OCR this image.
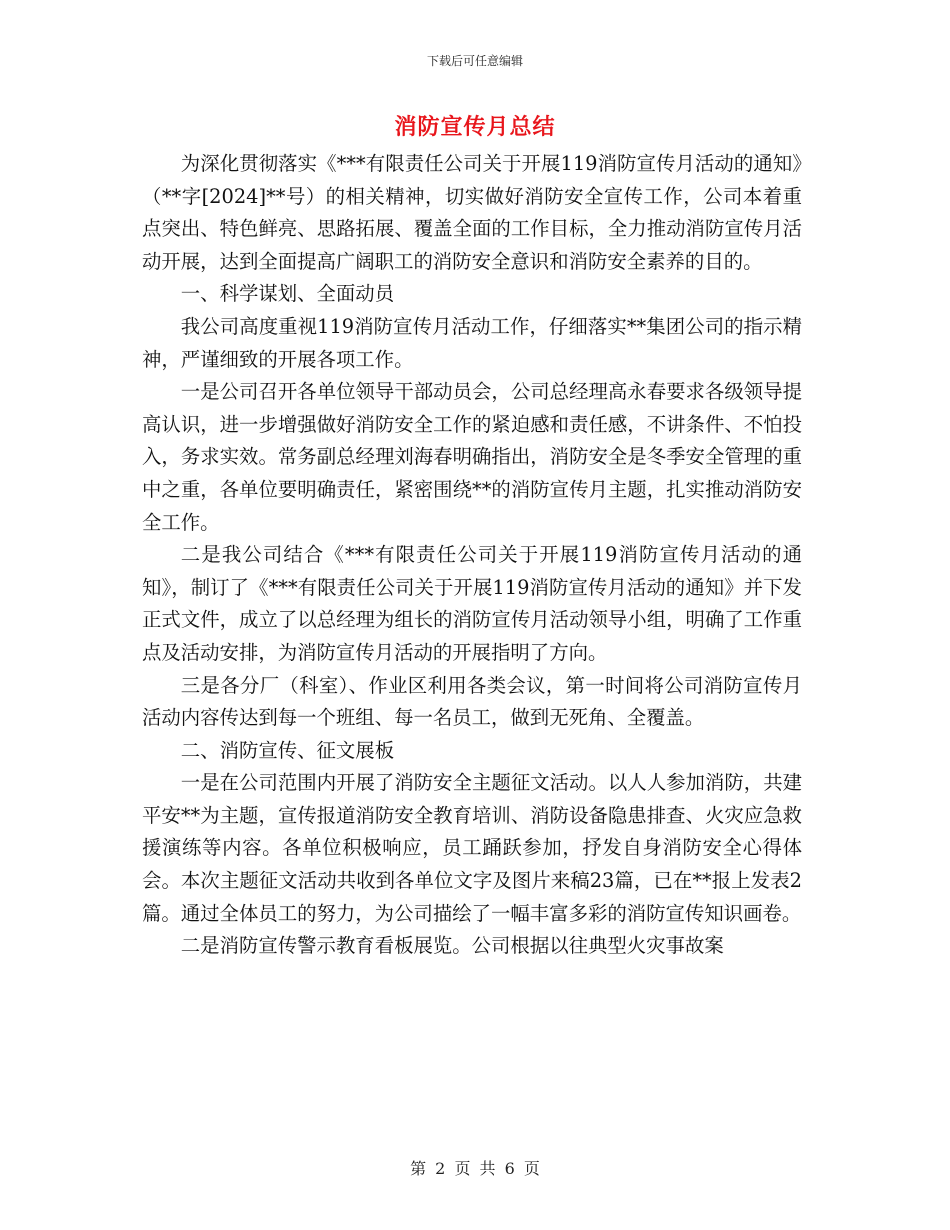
下载后可任意编辑
消防宣传月总结

为深化贯彻落实《***有限责任公司关于开展119消防宣传月活动的通知》（**字[2024]**号）的相关精神，切实做好消防安全宣传工作，公司本着重点突出、特色鲜亮、思路拓展、覆盖全面的工作目标，全力推动消防宣传月活动开展，达到全面提高广阔职工的消防安全意识和消防安全素养的目的。

一、科学谋划、全面动员

我公司高度重视119消防宣传月活动工作，仔细落实**集团公司的指示精神，严谨细致的开展各项工作。

一是公司召开各单位领导干部动员会，公司总经理高永春要求各级领导提高认识，进一步增强做好消防安全工作的紧迫感和责任感，不讲条件、不怕投入，务求实效。常务副总经理刘海春明确指出，消防安全是冬季安全管理的重中之重，各单位要明确责任，紧密围绕**的消防宣传月主题，扎实推动消防安全工作。

二是我公司结合《***有限责任公司关于开展119消防宣传月活动的通知》，制订了《***有限责任公司关于开展119消防宣传月活动的通知》并下发正式文件，成立了以总经理为组长的消防宣传月活动领导小组，明确了工作重点及活动安排，为消防宣传月活动的开展指明了方向。

三是各分厂（科室）、作业区利用各类会议，第一时间将公司消防宣传月活动内容传达到每一个班组、每一名员工，做到无死角、全覆盖。

二、消防宣传、征文展板

一是在公司范围内开展了消防安全主题征文活动。以人人参加消防，共建平安**为主题，宣传报道消防安全教育培训、消防设备隐患排查、火灾应急救援演练等内容。各单位积极响应，员工踊跃参加，抒发自身消防安全心得体会。本次主题征文活动共收到各单位文字及图片来稿23篇，已在**报上发表2篇。通过全体员工的努力，为公司描绘了一幅丰富多彩的消防宣传知识画卷。

二是消防宣传警示教育看板展览。公司根据以往典型火灾事故案

第 2 页 共 6 页
